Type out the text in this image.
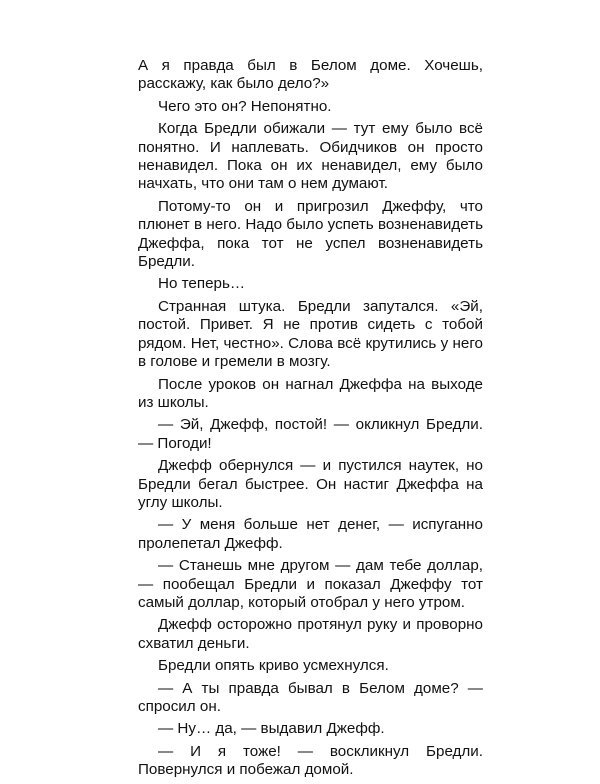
А я правда был в Белом доме. Хочешь, расскажу, как было дело?»

Чего это он? Непонятно.

Когда Бредли обижали — тут ему было всё понятно. И наплевать. Обидчиков он просто ненавидел. Пока он их ненавидел, ему было начхать, что они там о нем думают.

Потому-то он и пригрозил Джеффу, что плюнет в него. Надо было успеть возненавидеть Джеффа, пока тот не успел возненавидеть Бредли.

Но теперь…

Странная штука. Бредли запутался. «Эй, постой. Привет. Я не против сидеть с тобой рядом. Нет, честно». Слова всё крутились у него в голове и гремели в мозгу.

После уроков он нагнал Джеффа на выходе из школы.

— Эй, Джефф, постой! — окликнул Бредли. — Погоди!

Джефф обернулся — и пустился наутек, но Бредли бегал быстрее. Он настиг Джеффа на углу школы.

— У меня больше нет денег, — испуганно пролепетал Джефф.

— Станешь мне другом — дам тебе доллар, — пообещал Бредли и показал Джеффу тот самый доллар, который отобрал у него утром.

Джефф осторожно протянул руку и проворно схватил деньги.

Бредли опять криво усмехнулся.

— А ты правда бывал в Белом доме? — спросил он.

— Ну… да, — выдавил Джефф.

— И я тоже! — воскликнул Бредли. Повернулся и побежал домой.
